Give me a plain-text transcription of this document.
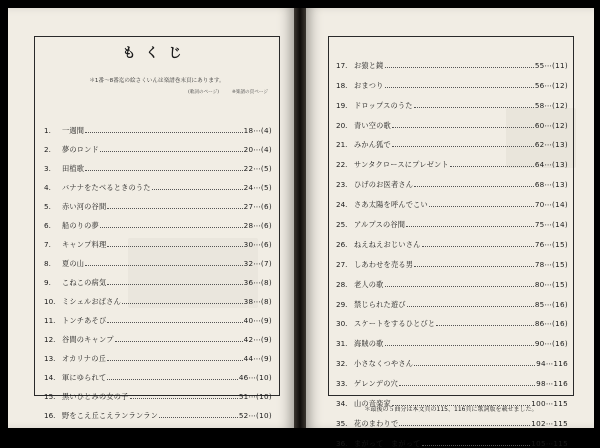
もくじ
＊1番〜8番迄の絵さくいんは楽譜巻末頁にあります。
※楽譜の頁ページ
(歌詞のページ)
1.	一週間	18⋯(4)
2.	夢のロンド	20⋯(4)
3.	田植歌	22⋯(5)
4.	バナナをたべるときのうた	24⋯(5)
5.	赤い河の谷間	27⋯(6)
6.	船のりの夢	28⋯(6)
7.	キャンプ料理	30⋯(6)
8.	夏の山	32⋯(7)
9.	こねこの病気	36⋯(8)
10. ミシェルおばさん	38⋯(8)
11. トンチあそび	40⋯(9)
12. 谷間のキャンプ	42⋯(9)
13. オカリナの丘	44⋯(9)
14. 軍にゆられて	46⋯(10)
15. 黒いひとみの女の子	51⋯(10)
16. 野をこえ丘こえランランラン	52⋯(10)
17. お猿と鏡	55⋯(11)
18. おまつり	56⋯(12)
19. ドロップスのうた	58⋯(12)
20. 青い空の歌	60⋯(12)
21. みかん狐で	62⋯(13)
22. サンタクロースにプレゼント	64⋯(13)
23. ひげのお医者さん	68⋯(13)
24. さあ太陽を呼んでこい	70⋯(14)
25. アルプスの谷間	75⋯(14)
26. ねえねえおじいさん	76⋯(15)
27. しあわせを売る男	78⋯(15)
28. 老人の歌	80⋯(15)
29. 禁じられた遊び	85⋯(16)
30. スケートをするひとびと	86⋯(16)
31. 海賊の歌	90⋯(16)
32. 小さなくつやさん	94⋯116
33. ゲレンデの穴	98⋯116
34. 山の音楽家	100⋯115
35. 花のまわりで	102⋯115
36. まがって　まがって	105⋯115
＊最後の５曲分は本文頁の115、116頁に歌詞版を載せました。
